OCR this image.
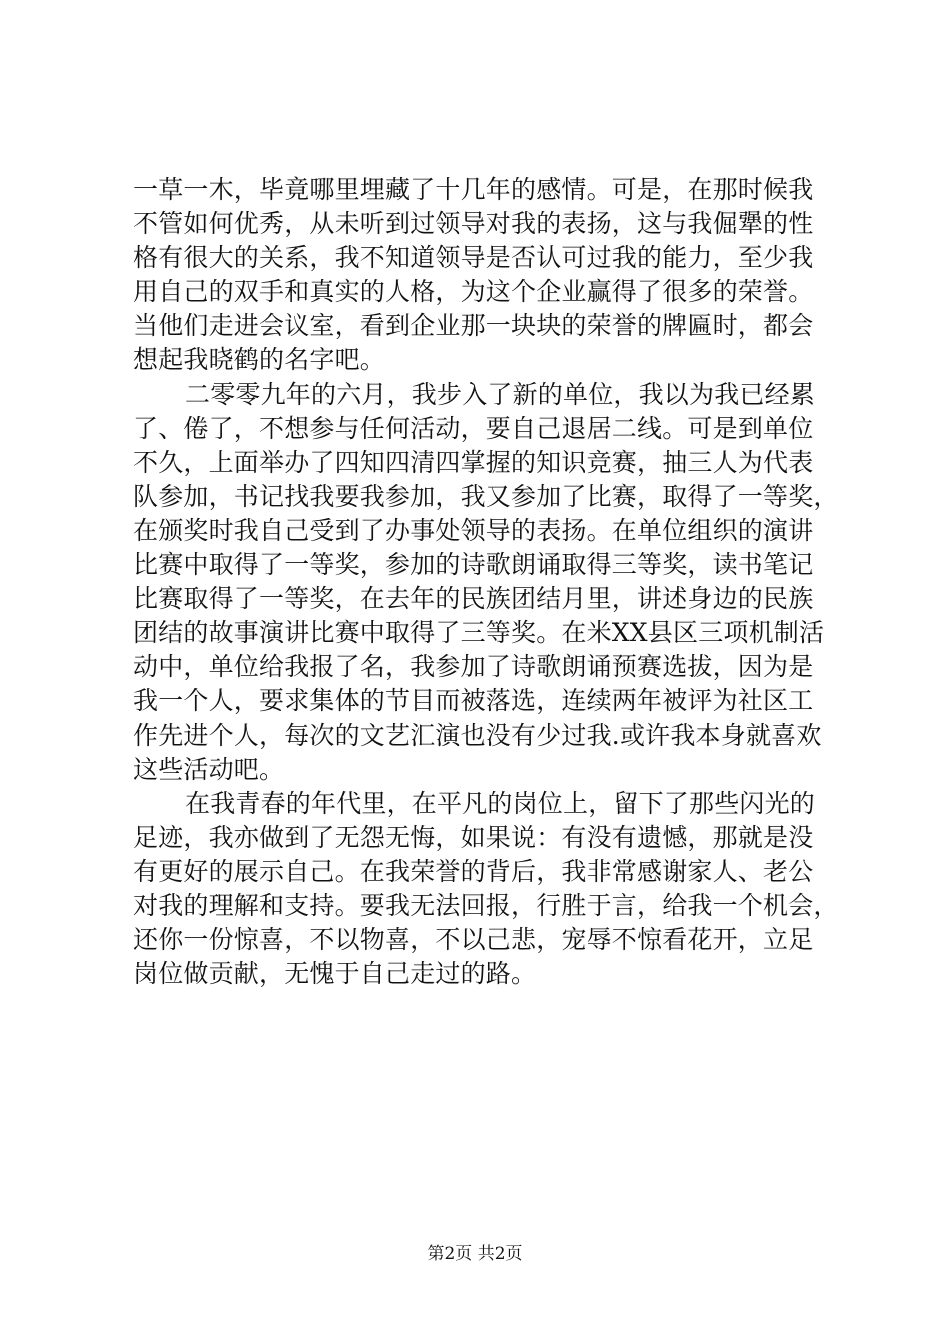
一草一木，毕竟哪里埋藏了十几年的感情。可是，在那时候我
不管如何优秀，从未听到过领导对我的表扬，这与我倔犟的性
格有很大的关系，我不知道领导是否认可过我的能力，至少我
用自己的双手和真实的人格，为这个企业赢得了很多的荣誉。
当他们走进会议室，看到企业那一块块的荣誉的牌匾时，都会
想起我晓鹤的名字吧。
二零零九年的六月，我步入了新的单位，我以为我已经累
了、倦了，不想参与任何活动，要自己退居二线。可是到单位
不久，上面举办了四知四清四掌握的知识竞赛，抽三人为代表
队参加，书记找我要我参加，我又参加了比赛，取得了一等奖，
在颁奖时我自己受到了办事处领导的表扬。在单位组织的演讲
比赛中取得了一等奖，参加的诗歌朗诵取得三等奖，读书笔记
比赛取得了一等奖，在去年的民族团结月里，讲述身边的民族
团结的故事演讲比赛中取得了三等奖。在米XX县区三项机制活
动中，单位给我报了名，我参加了诗歌朗诵预赛选拔，因为是
我一个人，要求集体的节目而被落选，连续两年被评为社区工
作先进个人，每次的文艺汇演也没有少过我.或许我本身就喜欢
这些活动吧。
在我青春的年代里，在平凡的岗位上，留下了那些闪光的
足迹，我亦做到了无怨无悔，如果说：有没有遗憾，那就是没
有更好的展示自己。在我荣誉的背后，我非常感谢家人、老公
对我的理解和支持。要我无法回报，行胜于言，给我一个机会，
还你一份惊喜，不以物喜，不以己悲，宠辱不惊看花开，立足
岗位做贡献，无愧于自己走过的路。
第2页 共2页
